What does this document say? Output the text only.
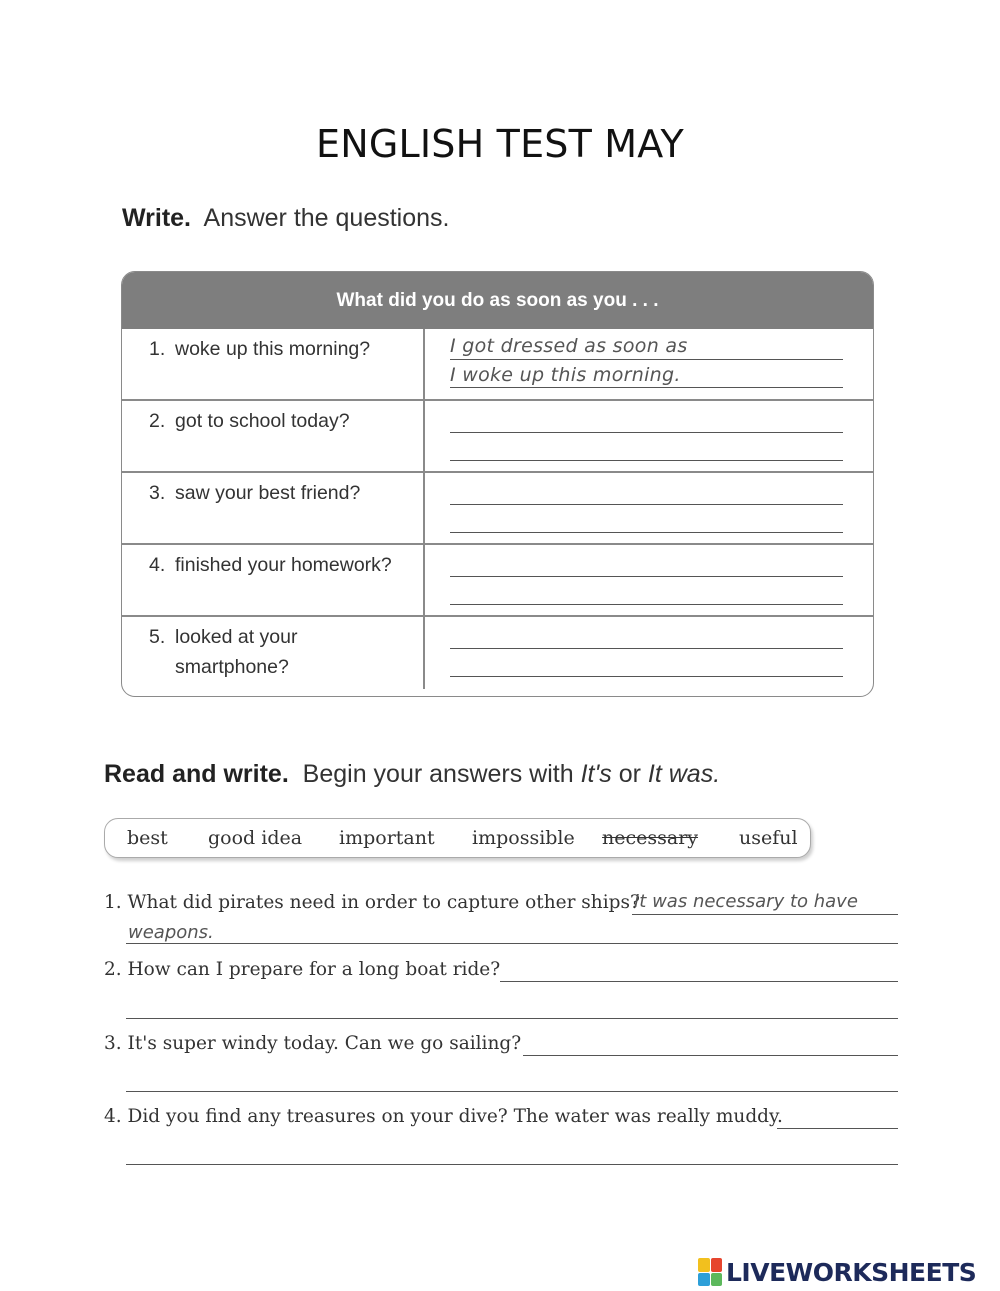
ENGLISH TEST MAY
Write. Answer the questions.
What did you do as soon as you . . .
1. woke up this morning?	I got dressed as soon as
I woke up this morning.
2. got to school today?
3. saw your best friend?
4. finished your homework?
5. looked at your
smartphone?
Read and write. Begin your answers with It's or It was.
best good idea important impossible necessary useful
1. What did pirates need in order to capture other ships?
It was necessary to have
weapons.
2. How can I prepare for a long boat ride?
3. It's super windy today. Can we go sailing?
4. Did you find any treasures on your dive? The water was really muddy.
LIVEWORKSHEETS
